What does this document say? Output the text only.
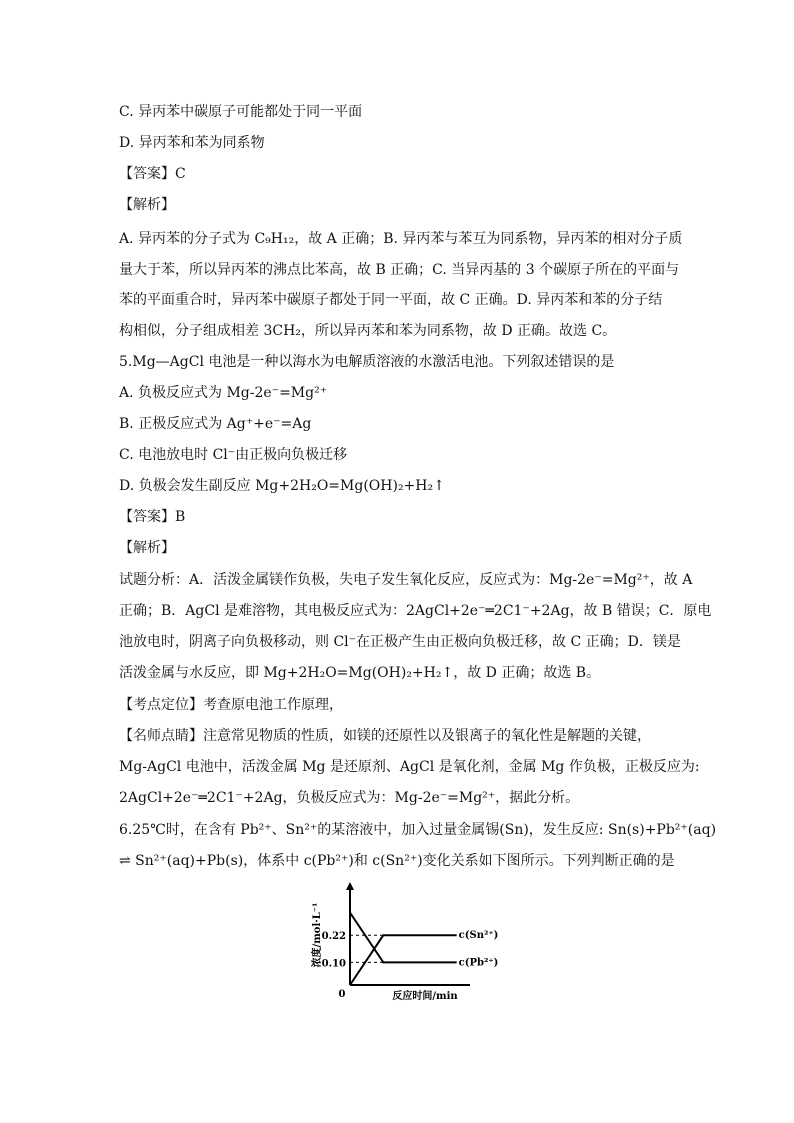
C. 异丙苯中碳原子可能都处于同一平面
D. 异丙苯和苯为同系物
【答案】C
【解析】
A. 异丙苯的分子式为 C₉H₁₂，故 A 正确；B. 异丙苯与苯互为同系物，异丙苯的相对分子质
量大于苯，所以异丙苯的沸点比苯高，故 B 正确；C. 当异丙基的 3 个碳原子所在的平面与
苯的平面重合时，异丙苯中碳原子都处于同一平面，故 C 正确。D. 异丙苯和苯的分子结
构相似，分子组成相差 3CH₂，所以异丙苯和苯为同系物，故 D 正确。故选 C。
5.Mg—AgCl 电池是一种以海水为电解质溶液的水激活电池。下列叙述错误的是
A. 负极反应式为 Mg-2e⁻=Mg²⁺
B. 正极反应式为 Ag⁺+e⁻=Ag
C. 电池放电时 Cl⁻由正极向负极迁移
D. 负极会发生副反应 Mg+2H₂O=Mg(OH)₂+H₂↑
【答案】B
【解析】
试题分析：A．活泼金属镁作负极，失电子发生氧化反应，反应式为：Mg-2e⁻=Mg²⁺，故 A
正确；B．AgCl 是难溶物，其电极反应式为：2AgCl+2e⁻═2C1⁻+2Ag，故 B 错误；C．原电
池放电时，阴离子向负极移动，则 Cl⁻在正极产生由正极向负极迁移，故 C 正确；D．镁是
活泼金属与水反应，即 Mg+2H₂O=Mg(OH)₂+H₂↑，故 D 正确；故选 B。
【考点定位】考查原电池工作原理，
【名师点睛】注意常见物质的性质，如镁的还原性以及银离子的氧化性是解题的关键，
Mg-AgCl 电池中，活泼金属 Mg 是还原剂、AgCl 是氧化剂，金属 Mg 作负极，正极反应为:
2AgCl+2e⁻═2C1⁻+2Ag，负极反应式为：Mg-2e⁻=Mg²⁺，据此分析。
6.25℃时，在含有 Pb²⁺、Sn²⁺的某溶液中，加入过量金属锡(Sn)，发生反应: Sn(s)+Pb²⁺(aq)
⇌ Sn²⁺(aq)+Pb(s)，体系中 c(Pb²⁺)和 c(Sn²⁺)变化关系如下图所示。下列判断正确的是
0	反应时间/min
浓度/mol·L⁻¹
0.22
0.10
c(Sn²⁺)
c(Pb²⁺)
